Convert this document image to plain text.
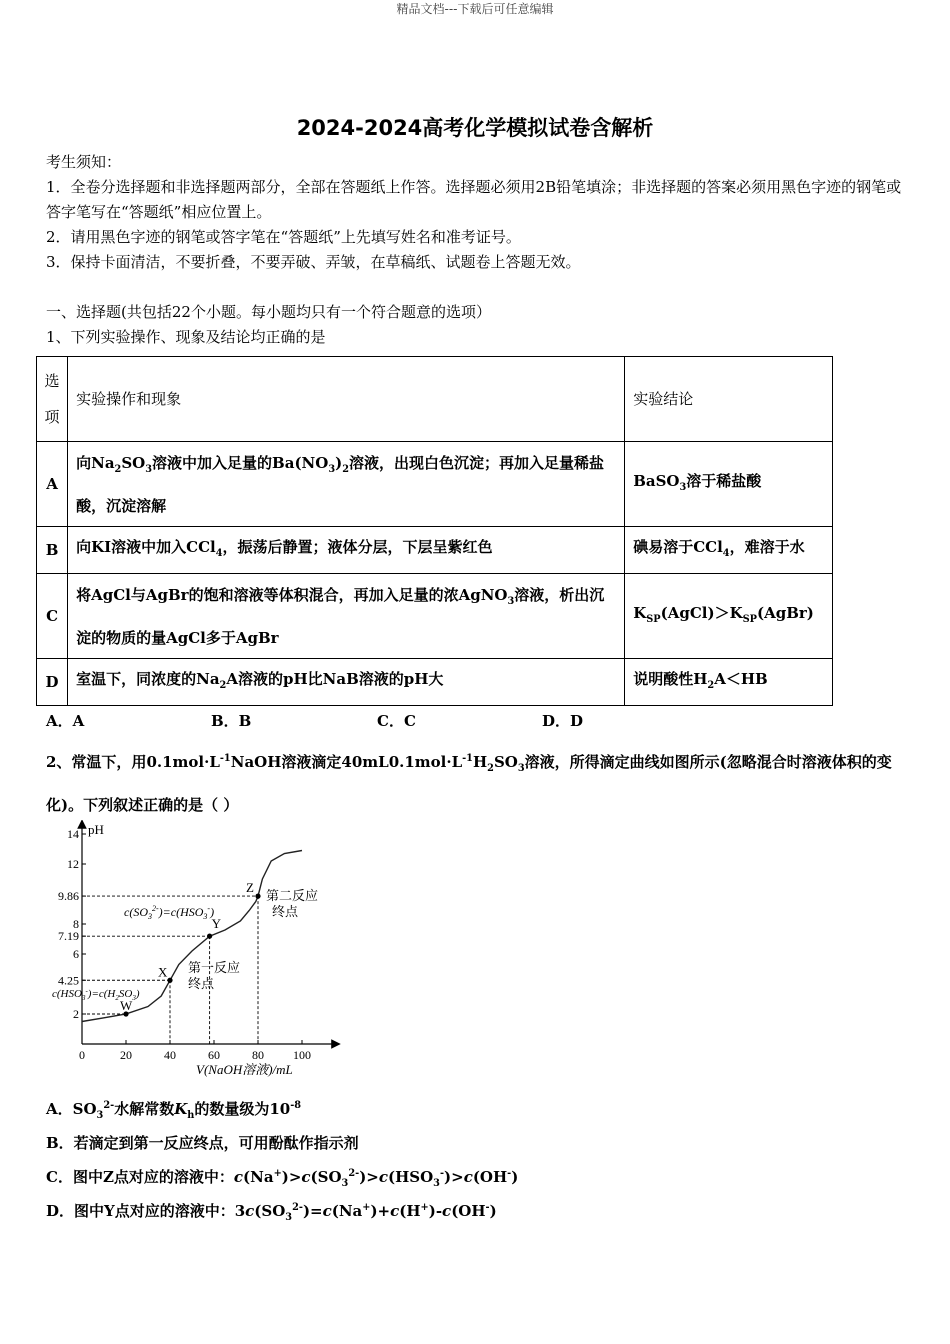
精品文档---下载后可任意编辑
2024-2024高考化学模拟试卷含解析

考生须知：

1．全卷分选择题和非选择题两部分，全部在答题纸上作答。选择题必须用2B铅笔填涂；非选择题的答案必须用黑色字迹的钢笔或答字笔写在“答题纸”相应位置上。

2．请用黑色字迹的钢笔或答字笔在“答题纸”上先填写姓名和准考证号。

3．保持卡面清洁，不要折叠，不要弄破、弄皱，在草稿纸、试题卷上答题无效。

一、选择题(共包括22个小题。每小题均只有一个符合题意的选项）

1、下列实验操作、现象及结论均正确的是

选
项	实验操作和现象	实验结论
A	向$Na_2SO_3$溶液中加入足量的$Ba(NO_3)_2$溶液，出现白色沉淀；再加入足量稀盐酸，沉淀溶解	BaSO$_3$溶于稀盐酸
B	向KI溶液中加入CCl$_4$，振荡后静置；液体分层，下层呈紫红色	碘易溶于CCl$_4$，难溶于水
C	将AgCl与AgBr的饱和溶液等体积混合，再加入足量的浓AgNO$_3$溶液，析出沉淀的物质的量AgCl多于AgBr	$K_{SP}(AgCl)>K_{SP}(AgBr)$
D	室温下，同浓度的$Na_2A$溶液的pH比NaB溶液的pH大	说明酸性$H_2A<HB$
A．A	B．B	C．C	D．D

2、常温下，用$0.1mol\cdot L^{-1}NaOH$溶液滴定$40mL0.1mol\cdot L^{-1}H_2SO_3$溶液，所得滴定曲线如图所示(忽略混合时溶液体积的变化)。下列叙述正确的是（ ）

0	20	40	60	80 100
2
4.25
6
7.19
8
9.86
12
14
W
X
Y
Z
pH
V(NaOH溶液)/mL
$c(SO_3^{2-})=c(HSO_3^-)$
$c(HSO_3^-)=c(H_2SO_3)$
第一反应
终点
第二反应
终点
A．$SO_3^{2-}$水解常数$K_h$的数量级为$10^{-8}$
B．若滴定到第一反应终点，可用酚酞作指示剂
C．图中Z点对应的溶液中：$c(Na^+)>c(SO_3^{2-})>c(HSO_3^-)>c(OH^-)$
D．图中Y点对应的溶液中：$3c(SO_3^{2-})=c(Na^+)+c(H^+)-c(OH^-)$
